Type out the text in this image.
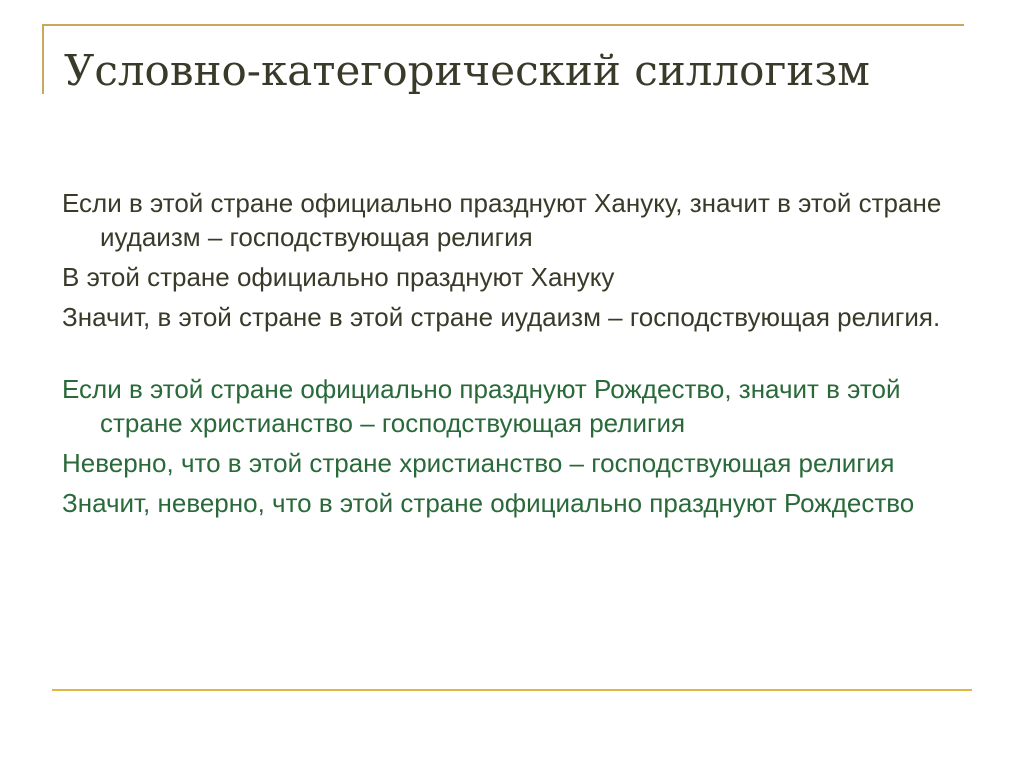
Условно-категорический силлогизм

Если в этой стране официально празднуют Хануку, значит в этой стране иудаизм – господствующая религия

В этой стране официально празднуют Хануку

Значит, в этой стране в этой стране иудаизм – господствующая религия.

Если в этой стране официально празднуют Рождество, значит в этой стране христианство – господствующая религия

Неверно, что в этой стране христианство – господствующая религия

Значит, неверно, что в этой стране официально празднуют Рождество
